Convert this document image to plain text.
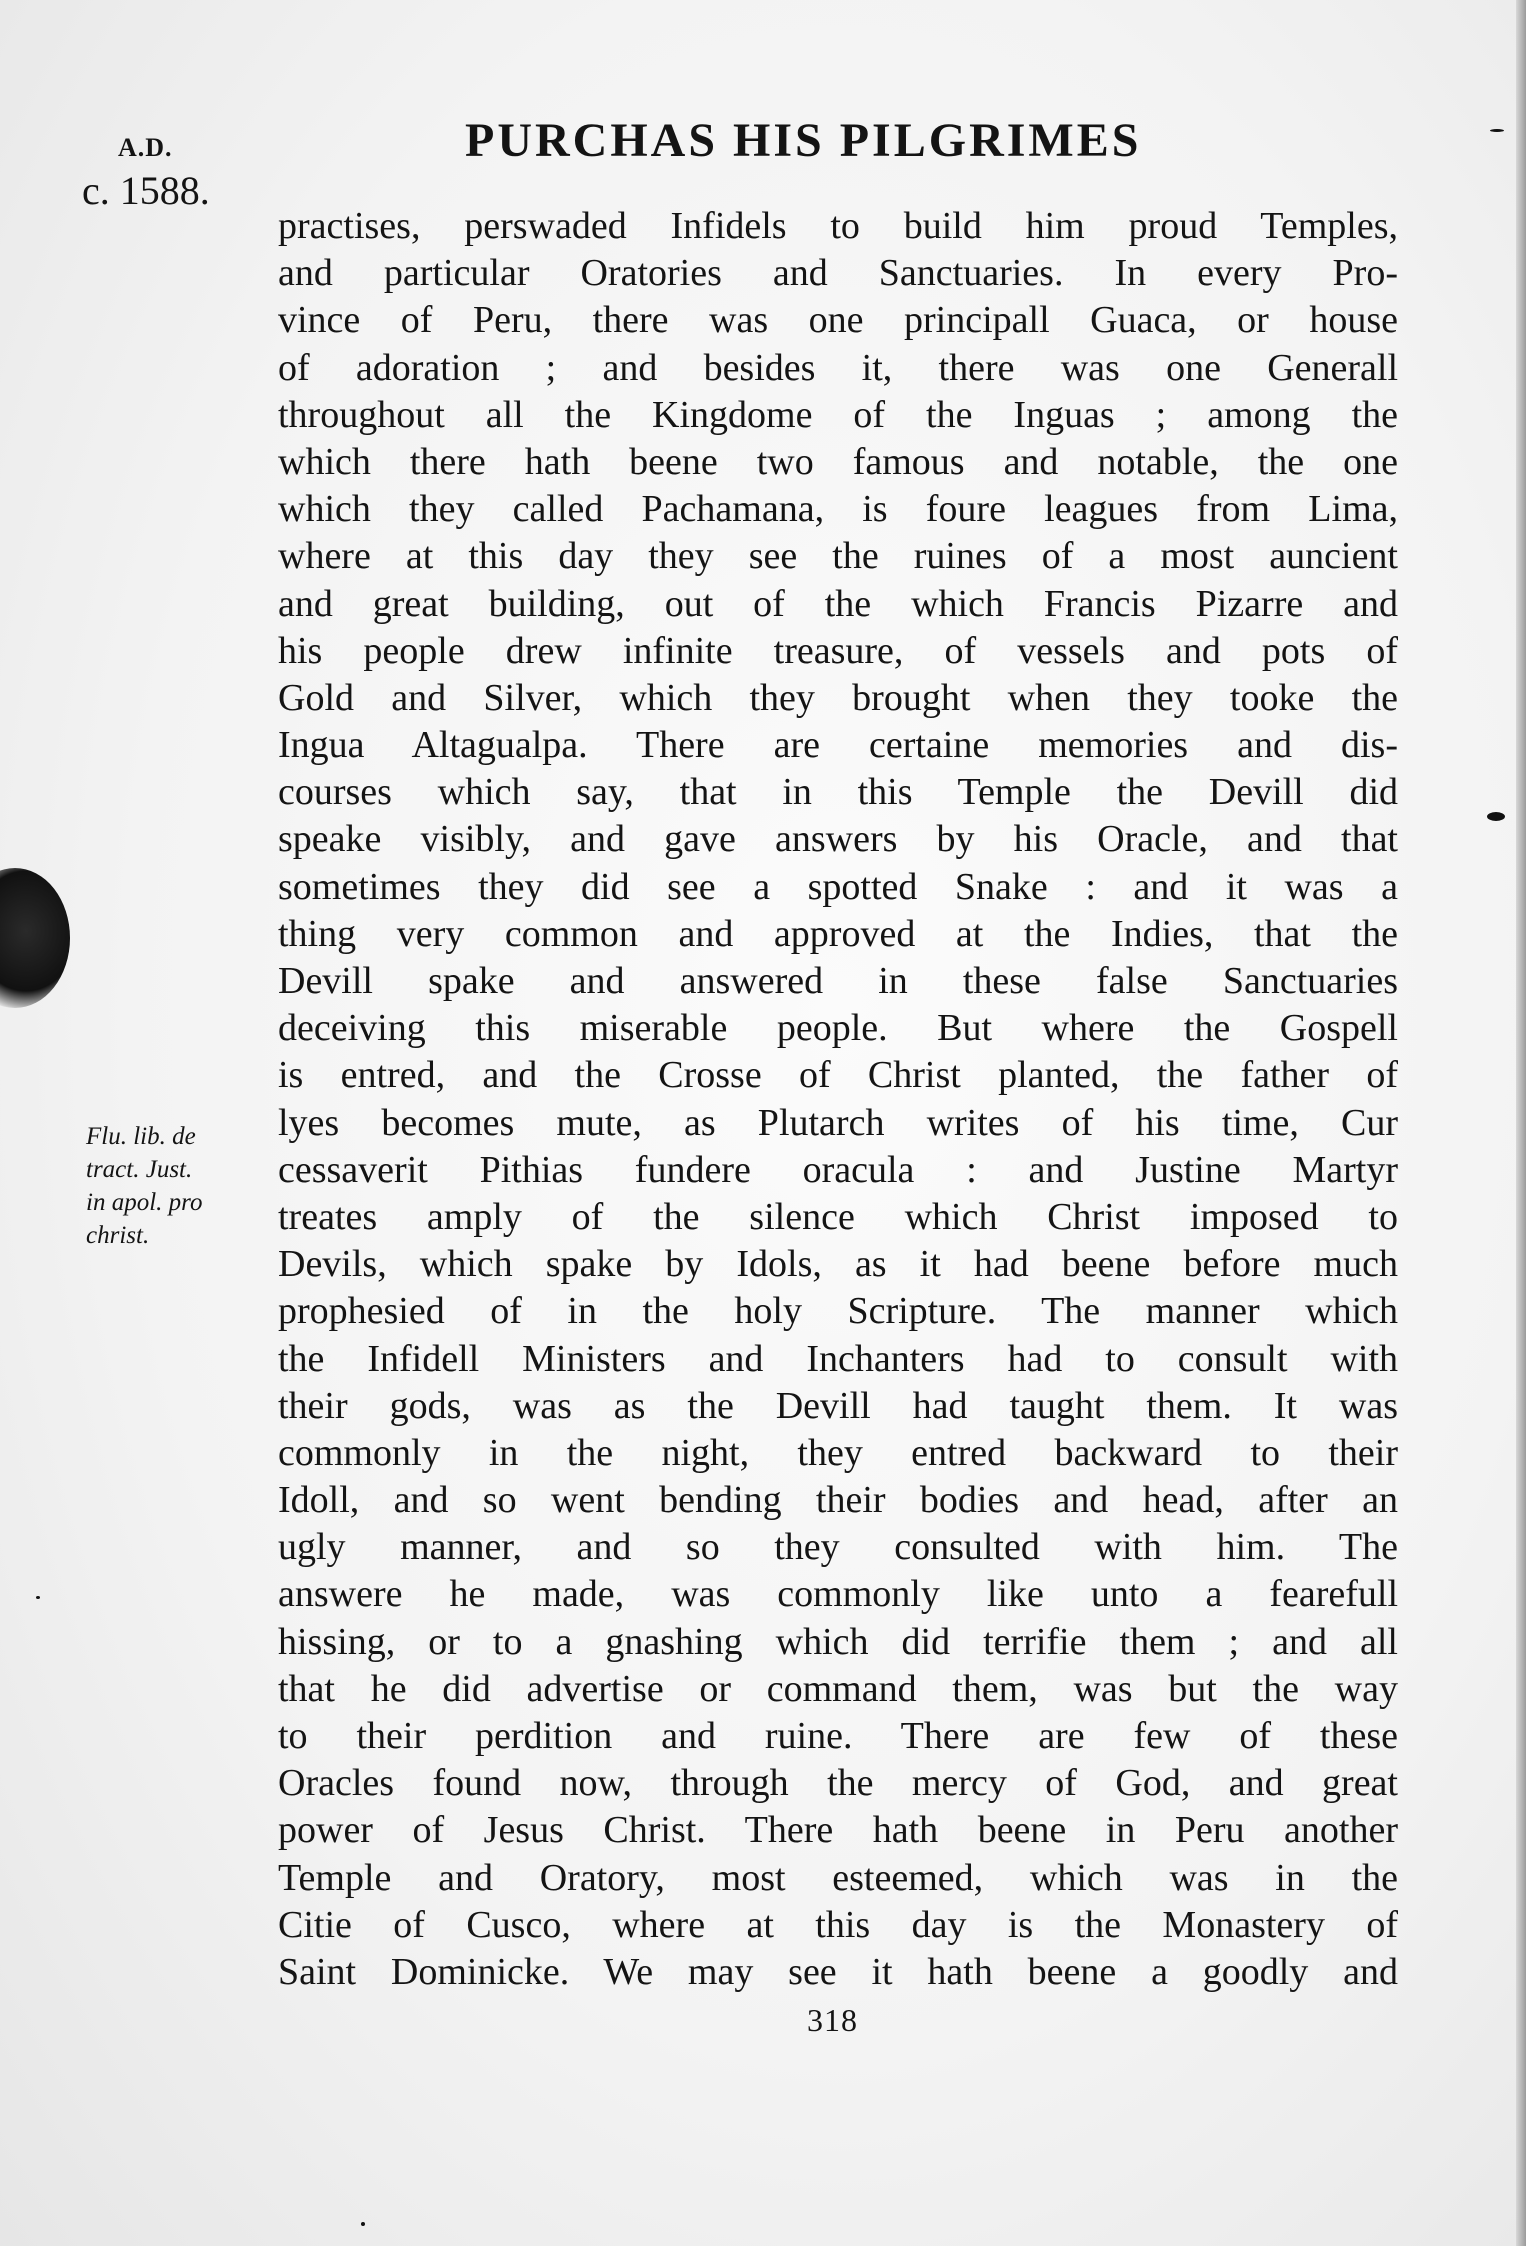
A.D.
c. 1588.
PURCHAS HIS PILGRIMES
practises, perswaded Infidels to build him proud Temples,
and particular Oratories and Sanctuaries. In every Pro-
vince of Peru, there was one principall Guaca, or house
of adoration ; and besides it, there was one Generall
throughout all the Kingdome of the Inguas ; among the
which there hath beene two famous and notable, the one
which they called Pachamana, is foure leagues from Lima,
where at this day they see the ruines of a most auncient
and great building, out of the which Francis Pizarre and
his people drew infinite treasure, of vessels and pots of
Gold and Silver, which they brought when they tooke the
Ingua Altagualpa. There are certaine memories and dis-
courses which say, that in this Temple the Devill did
speake visibly, and gave answers by his Oracle, and that
sometimes they did see a spotted Snake : and it was a
thing very common and approved at the Indies, that the
Devill spake and answered in these false Sanctuaries
deceiving this miserable people. But where the Gospell
is entred, and the Crosse of Christ planted, the father of
lyes becomes mute, as Plutarch writes of his time, Cur
cessaverit Pithias fundere oracula : and Justine Martyr
treates amply of the silence which Christ imposed to
Devils, which spake by Idols, as it had beene before much
prophesied of in the holy Scripture. The manner which
the Infidell Ministers and Inchanters had to consult with
their gods, was as the Devill had taught them. It was
commonly in the night, they entred backward to their
Idoll, and so went bending their bodies and head, after an
ugly manner, and so they consulted with him. The
answere he made, was commonly like unto a fearefull
hissing, or to a gnashing which did terrifie them ; and all
that he did advertise or command them, was but the way
to their perdition and ruine. There are few of these
Oracles found now, through the mercy of God, and great
power of Jesus Christ. There hath beene in Peru another
Temple and Oratory, most esteemed, which was in the
Citie of Cusco, where at this day is the Monastery of
Saint Dominicke. We may see it hath beene a goodly and
Flu. lib. de
tract. Just.
in apol. pro
christ.
318
